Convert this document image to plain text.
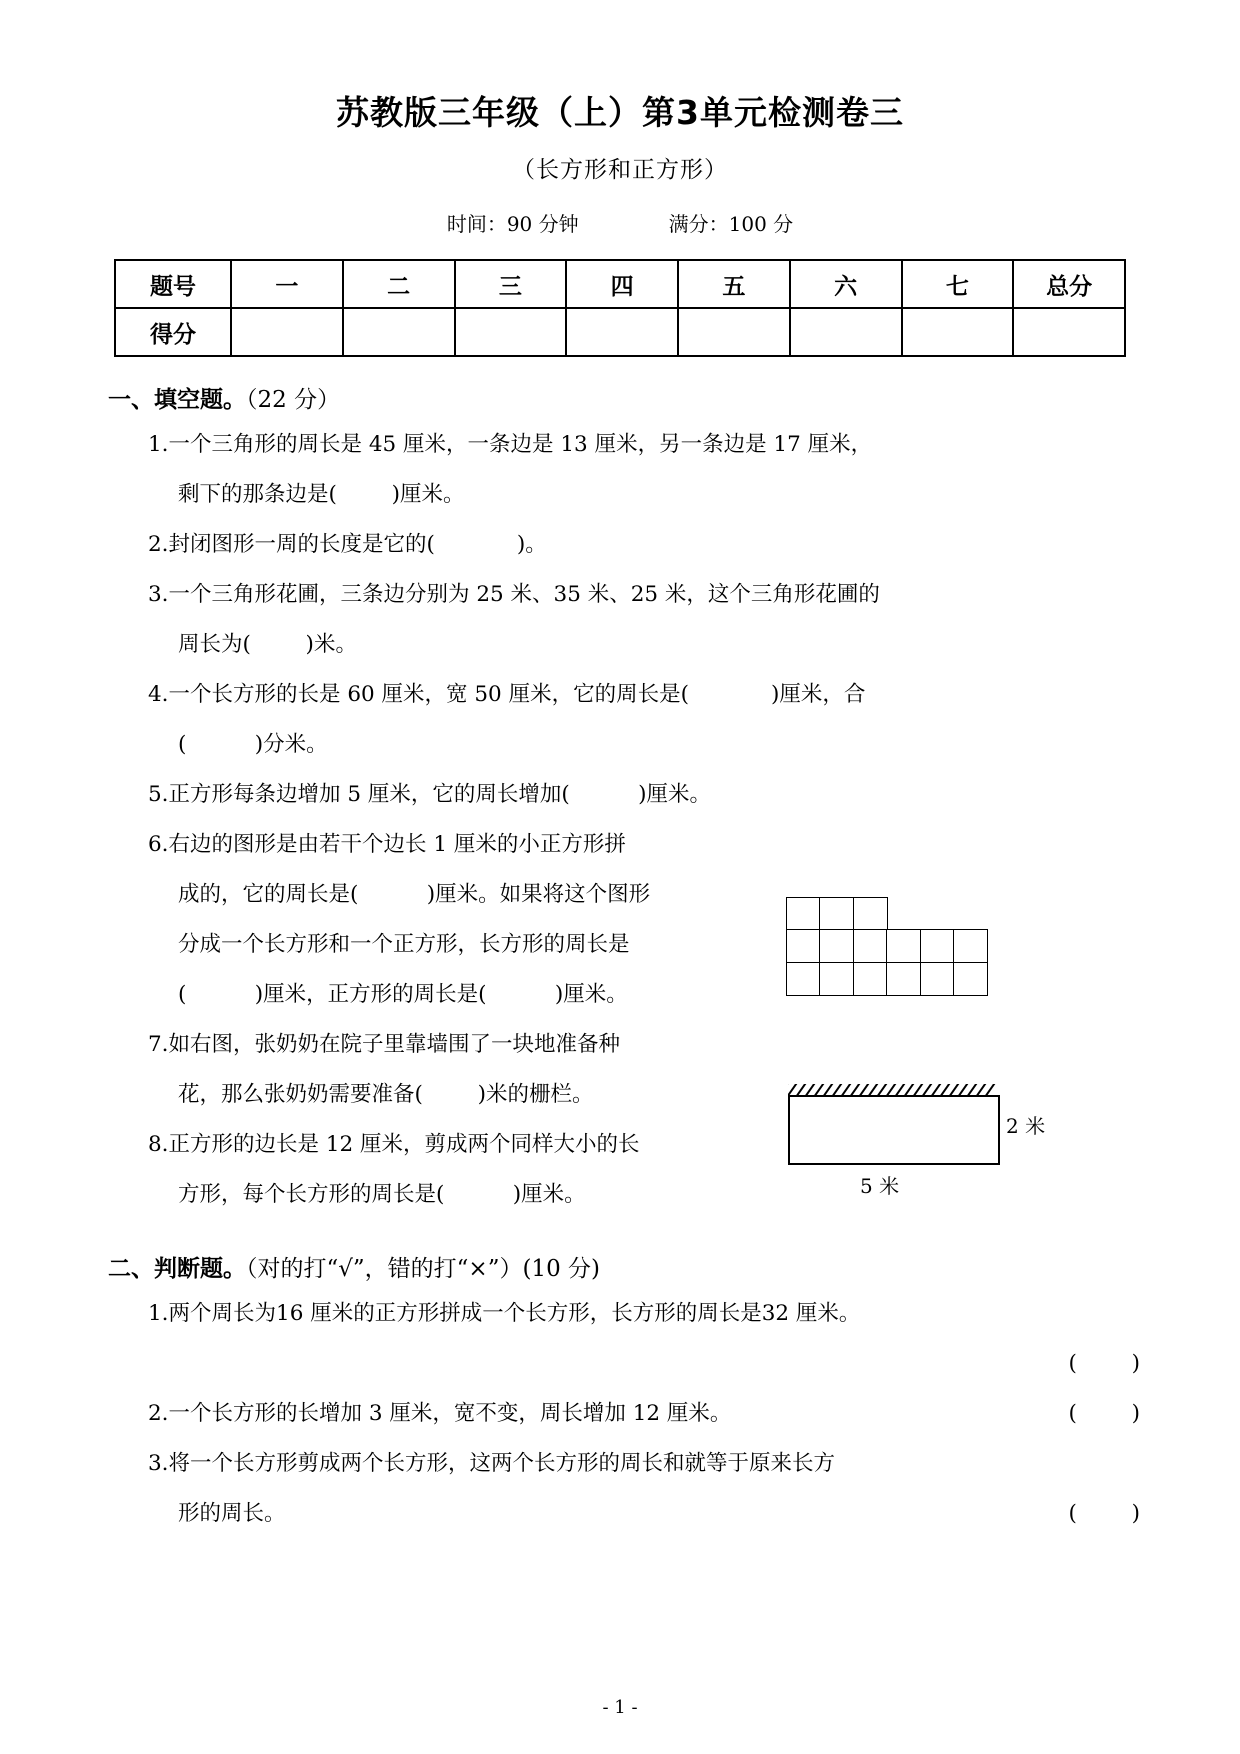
苏教版三年级（上）第3单元检测卷三
（长方形和正方形）
时间：90 分钟	满分：100 分
题号	一	二	三	四	五	六	七	总分
得分								
一、填空题。（22 分）
1.一个三角形的周长是 45 厘米，一条边是 13 厘米，另一条边是 17 厘米，
剩下的那条边是(        )厘米。
2.封闭图形一周的长度是它的(            )。
3.一个三角形花圃，三条边分别为 25 米、35 米、25 米，这个三角形花圃的
周长为(        )米。
4.一个长方形的长是 60 厘米，宽 50 厘米，它的周长是(            )厘米，合
(          )分米。
5.正方形每条边增加 5 厘米，它的周长增加(          )厘米。
6.右边的图形是由若干个边长 1 厘米的小正方形拼
成的，它的周长是(          )厘米。如果将这个图形
分成一个长方形和一个正方形，长方形的周长是
(          )厘米，正方形的周长是(          )厘米。
7.如右图，张奶奶在院子里靠墙围了一块地准备种
花，那么张奶奶需要准备(        )米的栅栏。
8.正方形的边长是 12 厘米，剪成两个同样大小的长
方形，每个长方形的周长是(          )厘米。
二、判断题。（对的打“√”，错的打“×”）(10 分)
1.两个周长为16 厘米的正方形拼成一个长方形，长方形的周长是32 厘米。
(        )
2.一个长方形的长增加 3 厘米，宽不变，周长增加 12 厘米。	(        )
3.将一个长方形剪成两个长方形，这两个长方形的周长和就等于原来长方
形的周长。	(        )
2 米
5 米
- 1 -
